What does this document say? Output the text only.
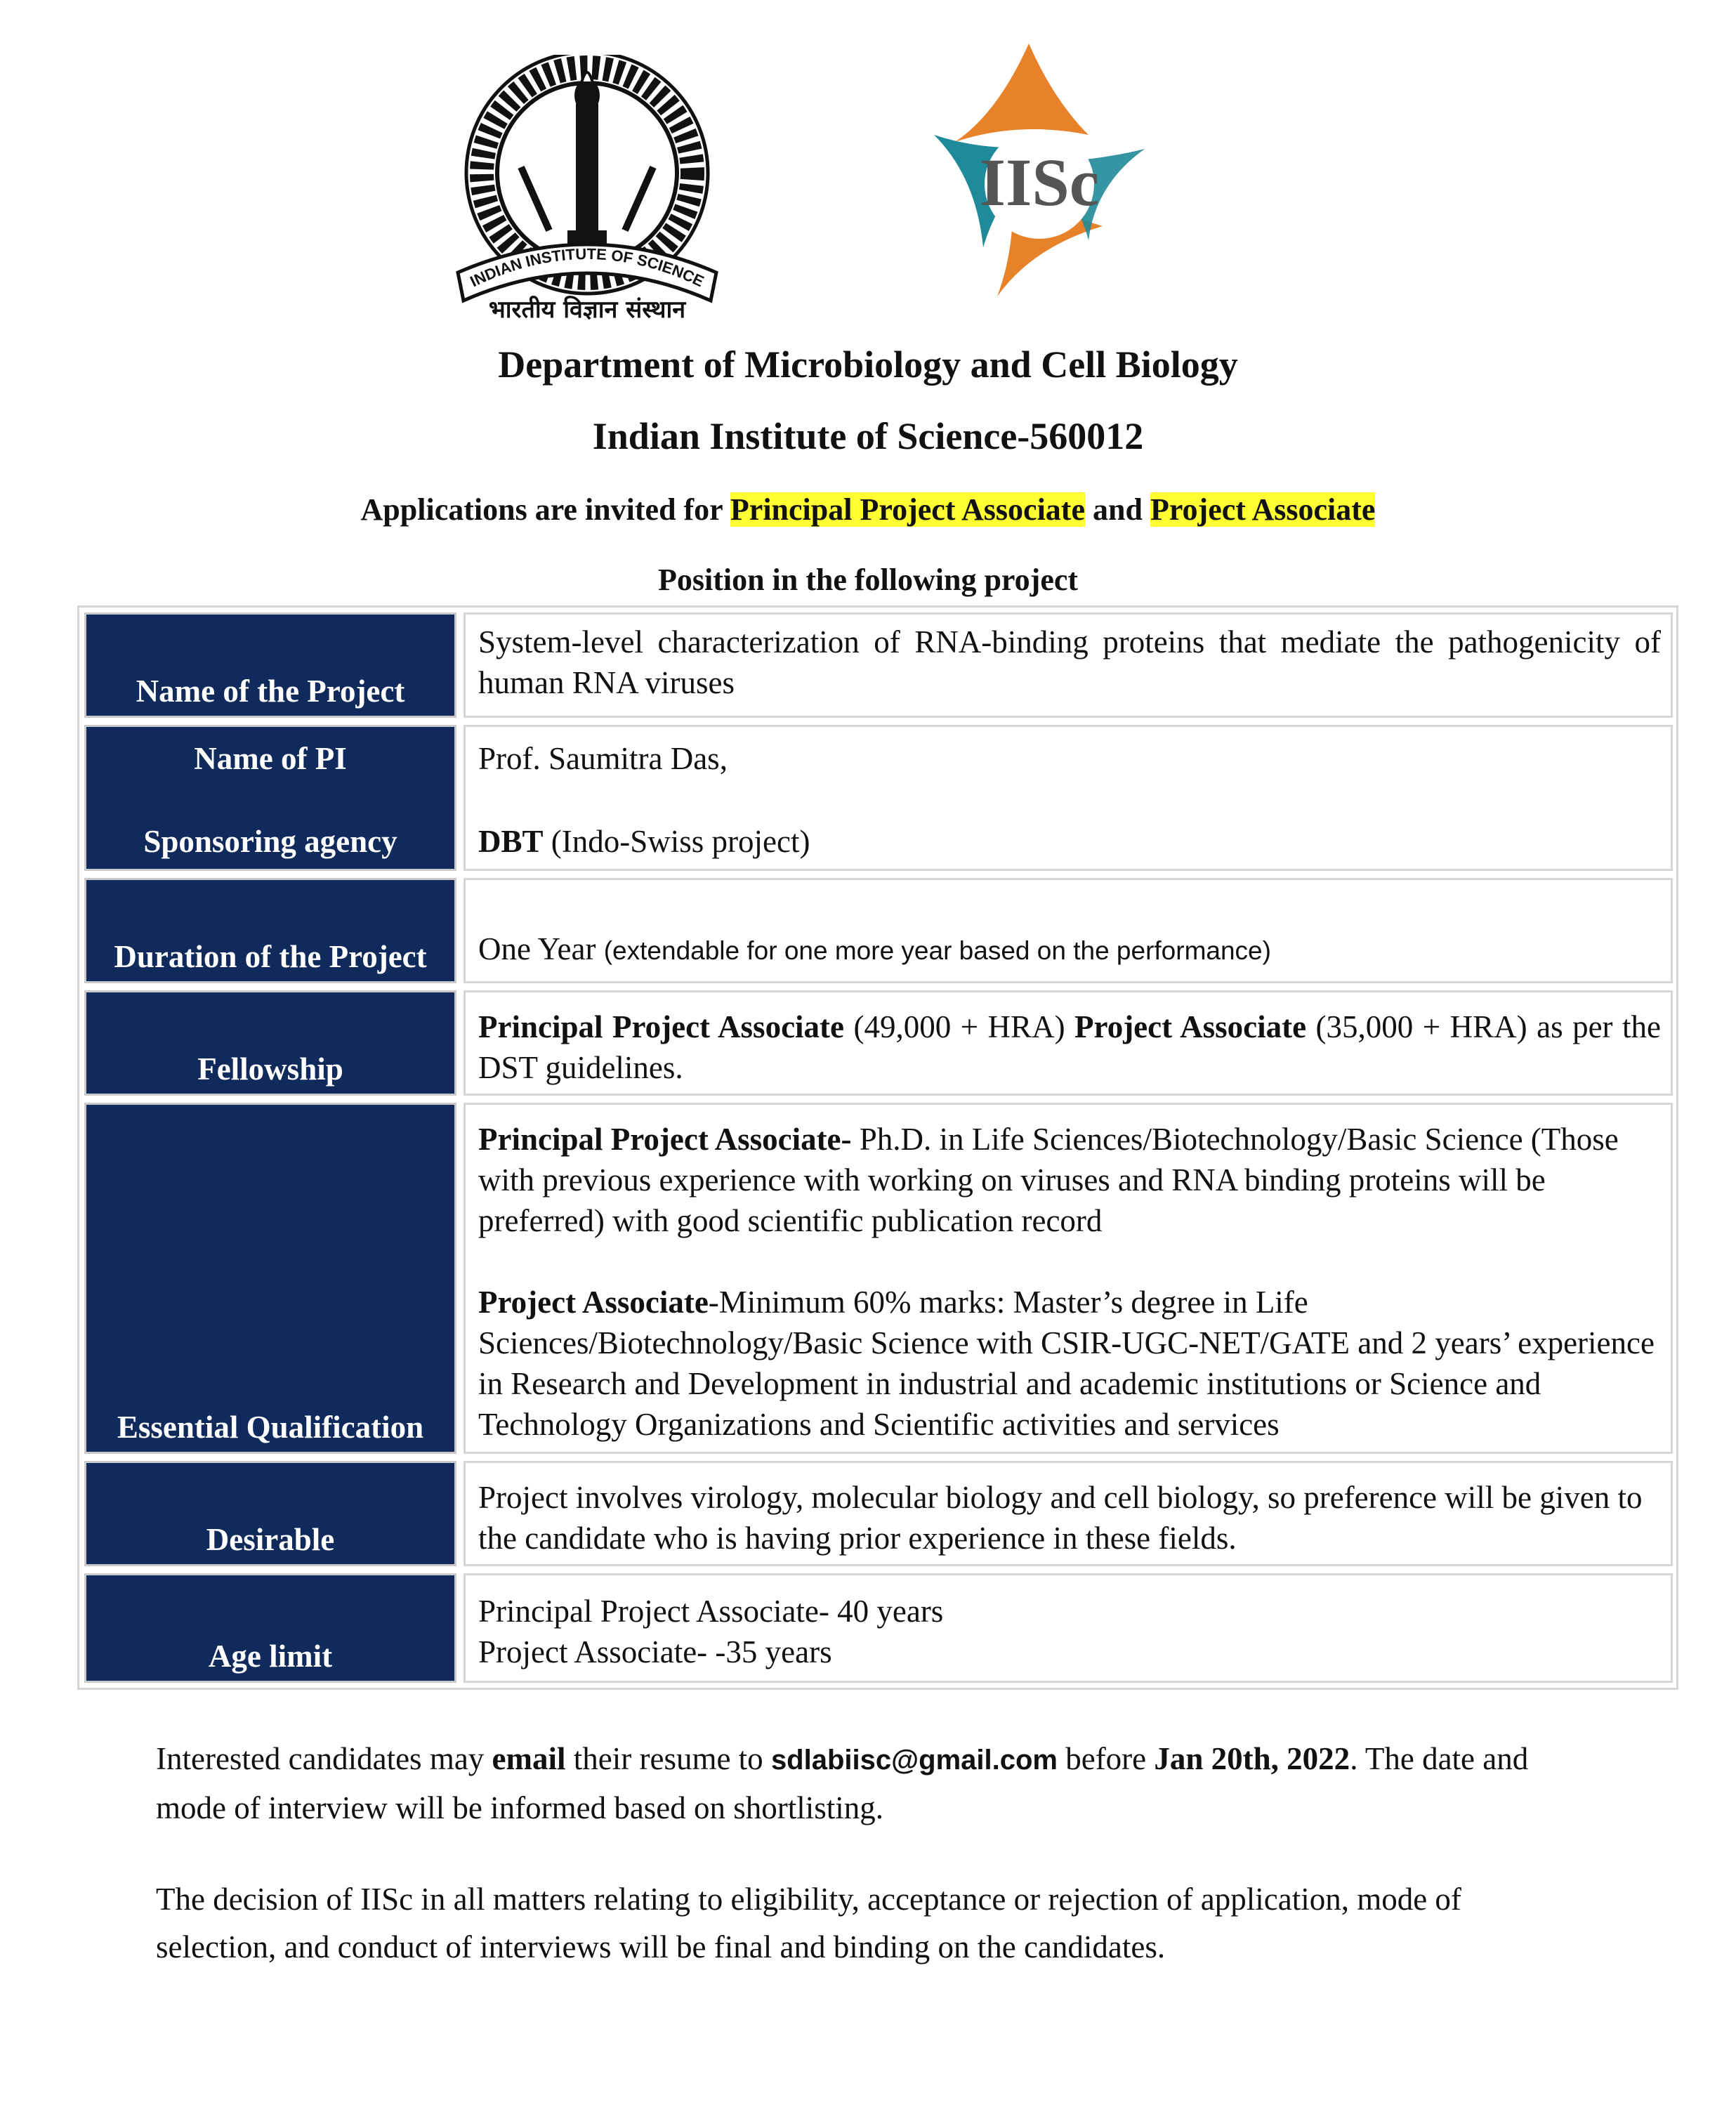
INDIAN INSTITUTE OF SCIENCE
भारतीय विज्ञान संस्थान
IISc
Department of Microbiology and Cell Biology
Indian Institute of Science-560012
Applications are invited for Principal Project Associate and Project Associate
Position in the following project
Name of the Project
System-level characterization of RNA-binding proteins that mediate the pathogenicity of human RNA viruses
Name of PI
Sponsoring agency
Prof. Saumitra Das,
DBT (Indo-Swiss project)
Duration of the Project	One Year (extendable for one more year based on the performance)
Fellowship
Principal Project Associate (49,000 + HRA) Project Associate (35,000 + HRA) as per the DST guidelines.
Essential Qualification
Principal Project Associate- Ph.D. in Life Sciences/Biotechnology/Basic Science (Those with previous experience with working on viruses and RNA binding proteins will be preferred) with good scientific publication record
Project Associate-Minimum 60% marks: Master’s degree in Life Sciences/Biotechnology/Basic Science with CSIR-UGC-NET/GATE and 2 years’ experience in Research and Development in industrial and academic institutions or Science and Technology Organizations and Scientific activities and services
Desirable
Project involves virology, molecular biology and cell biology, so preference will be given to the candidate who is having prior experience in these fields.
Age limit
Principal Project Associate- 40 years
Project Associate- -35 years
Interested candidates may email their resume to sdlabiisc@gmail.com before Jan 20th, 2022. The date and mode of interview will be informed based on shortlisting.
The decision of IISc in all matters relating to eligibility, acceptance or rejection of application, mode of selection, and conduct of interviews will be final and binding on the candidates.
